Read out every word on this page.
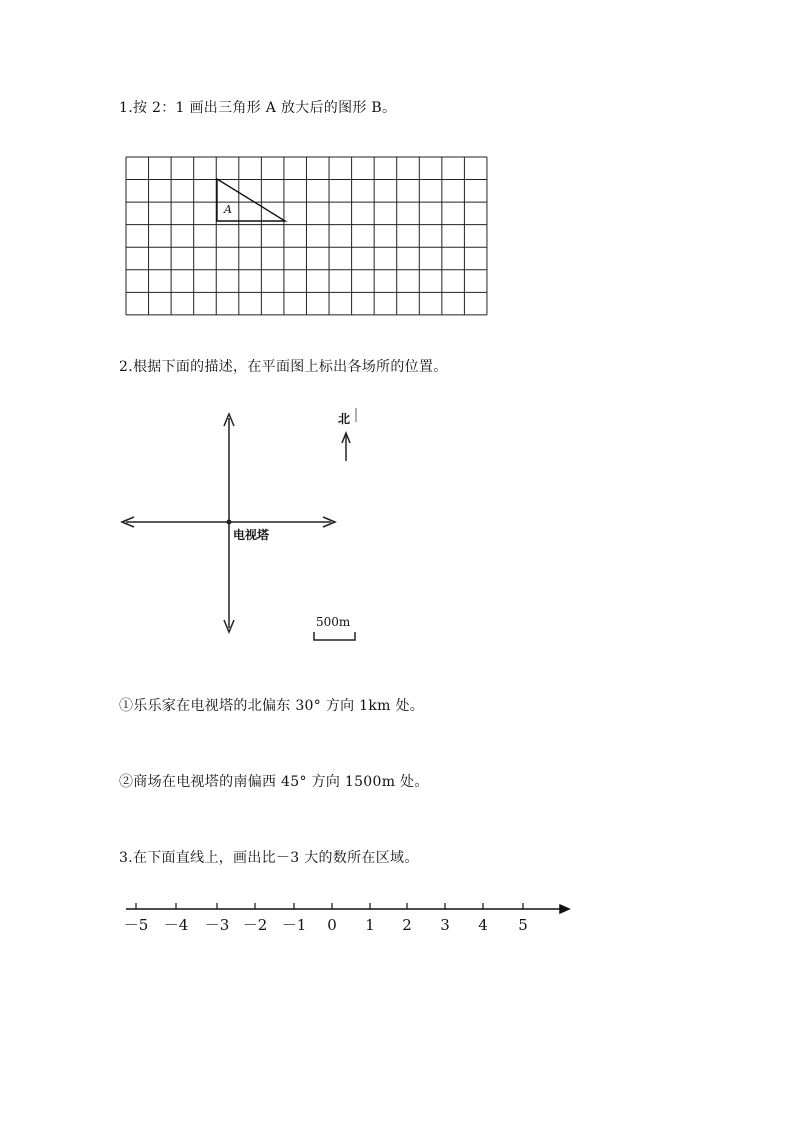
1.按 2：1 画出三角形 A 放大后的图形 B。
2.根据下面的描述，在平面图上标出各场所的位置。
①乐乐家在电视塔的北偏东 30° 方向 1km 处。
②商场在电视塔的南偏西 45° 方向 1500m 处。
3.在下面直线上，画出比－3 大的数所在区域。
A
电视塔
北
500m
－5 －4 －3 －2 －1 0 1 2 3 4 5
